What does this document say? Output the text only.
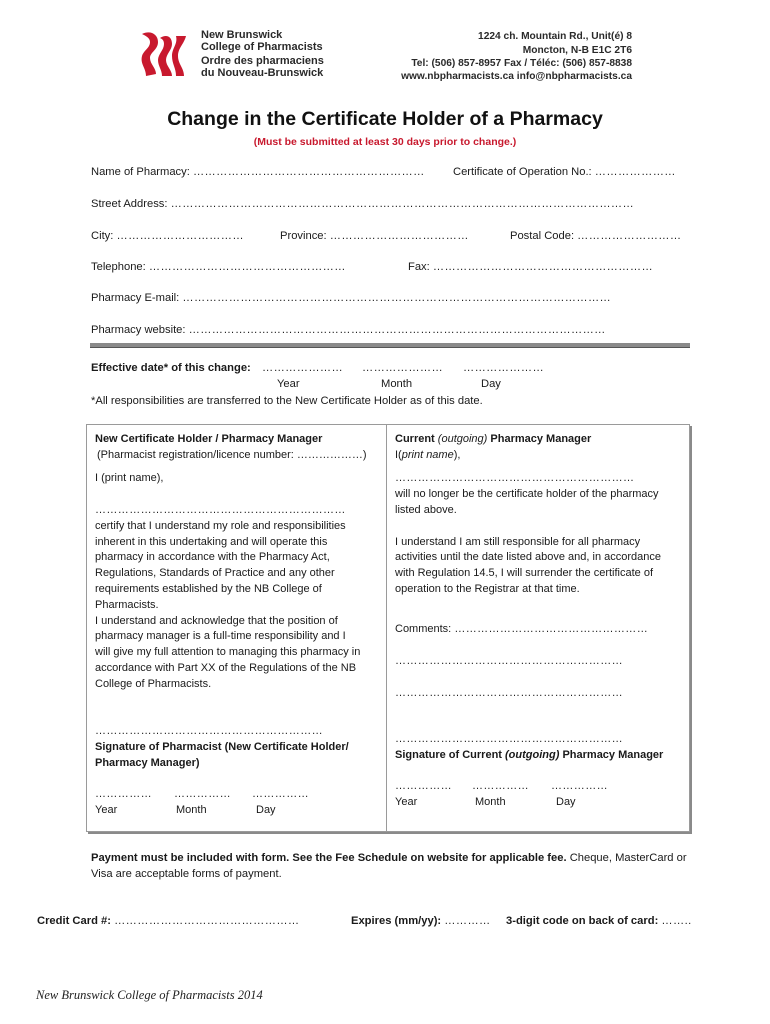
New Brunswick
College of Pharmacists
Ordre des pharmaciens
du Nouveau-Brunswick
1224 ch. Mountain Rd., Unit(é) 8
Moncton, N-B E1C 2T6
Tel: (506) 857-8957 Fax / Téléc: (506) 857-8838
www.nbpharmacists.ca info@nbpharmacists.ca
Change in the Certificate Holder of a Pharmacy
(Must be submitted at least 30 days prior to change.)
Name of Pharmacy: ……………………………………………………	Certificate of Operation No.: …………………
Street Address: …………………………………………………………………………………………………………
City: ……………………………	Province: ………………………………	Postal Code: ………………………
Telephone: ……………………………………………	Fax: …………………………………………………
Pharmacy E-mail: …………………………………………………………………………………………………
Pharmacy website: ………………………………………………………………………………………………
Effective date* of this change: ………………… ………………… …………………
Year	Month	Day
*All responsibilities are transferred to the New Certificate Holder as of this date.
New Certificate Holder / Pharmacy Manager
(Pharmacist registration/licence number: ………………)
I (print name),
…………………………………………………………
certify that I understand my role and responsibilities
inherent in this undertaking and will operate this
pharmacy in accordance with the Pharmacy Act,
Regulations, Standards of Practice and any other
requirements established by the NB College of
Pharmacists.
I understand and acknowledge that the position of
pharmacy manager is a full-time responsibility and I
will give my full attention to managing this pharmacy in
accordance with Part XX of the Regulations of the NB
College of Pharmacists.
……………………………………………………
Signature of Pharmacist (New Certificate Holder/
Pharmacy Manager)
…………… …………… ……………
Year	Month	Day
Current (outgoing) Pharmacy Manager
I(print name),
………………………………………………………
will no longer be the certificate holder of the pharmacy
listed above.
I understand I am still responsible for all pharmacy
activities until the date listed above and, in accordance
with Regulation 14.5, I will surrender the certificate of
operation to the Registrar at that time.
Comments: ……………………………………………
……………………………………………………
……………………………………………………
……………………………………………………
Signature of Current (outgoing) Pharmacy Manager
…………… …………… ……………
Year	Month	Day
Payment must be included with form. See the Fee Schedule on website for applicable fee. Cheque, MasterCard or
Visa are acceptable forms of payment.
Credit Card #: …………………………………………	Expires (mm/yy): ………… 3-digit code on back of card: ……..
New Brunswick College of Pharmacists 2014
